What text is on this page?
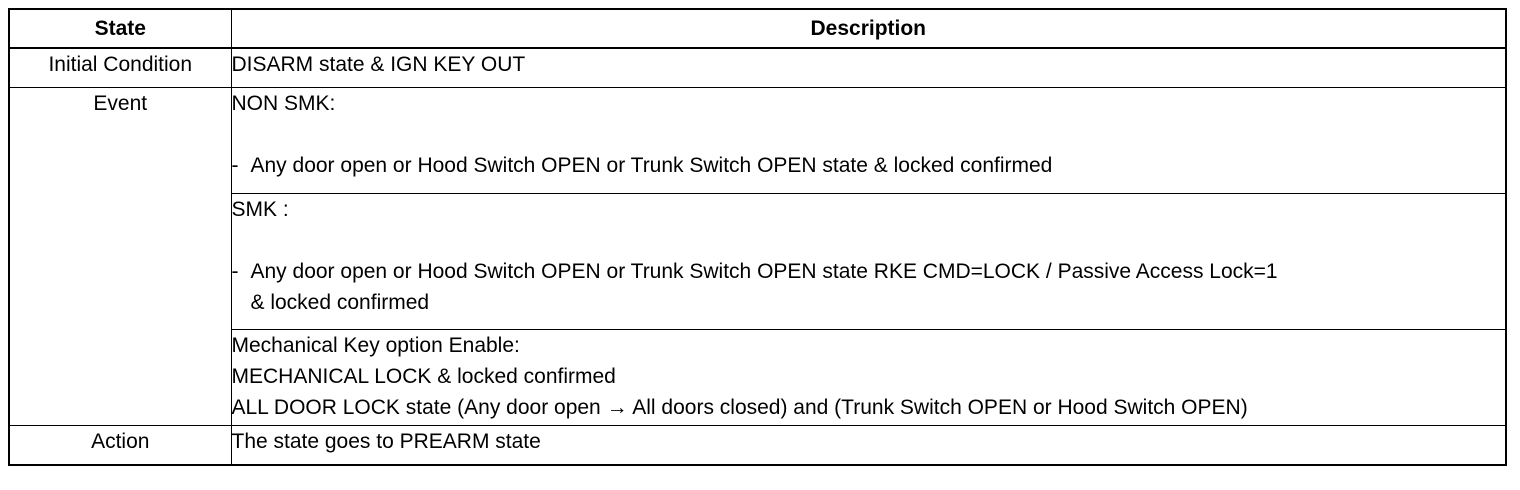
State	Description
Initial Condition	DISARM state & IGN KEY OUT
Event	NON SMK:
- Any door open or Hood Switch OPEN or Trunk Switch OPEN state & locked confirmed

	SMK :
- Any door open or Hood Switch OPEN or Trunk Switch OPEN state RKE CMD=LOCK / Passive Access Lock=1
& locked confirmed

	Mechanical Key option Enable:
MECHANICAL LOCK & locked confirmed
ALL DOOR LOCK state (Any door open → All doors closed) and (Trunk Switch OPEN or Hood Switch OPEN)

Action	The state goes to PREARM state
